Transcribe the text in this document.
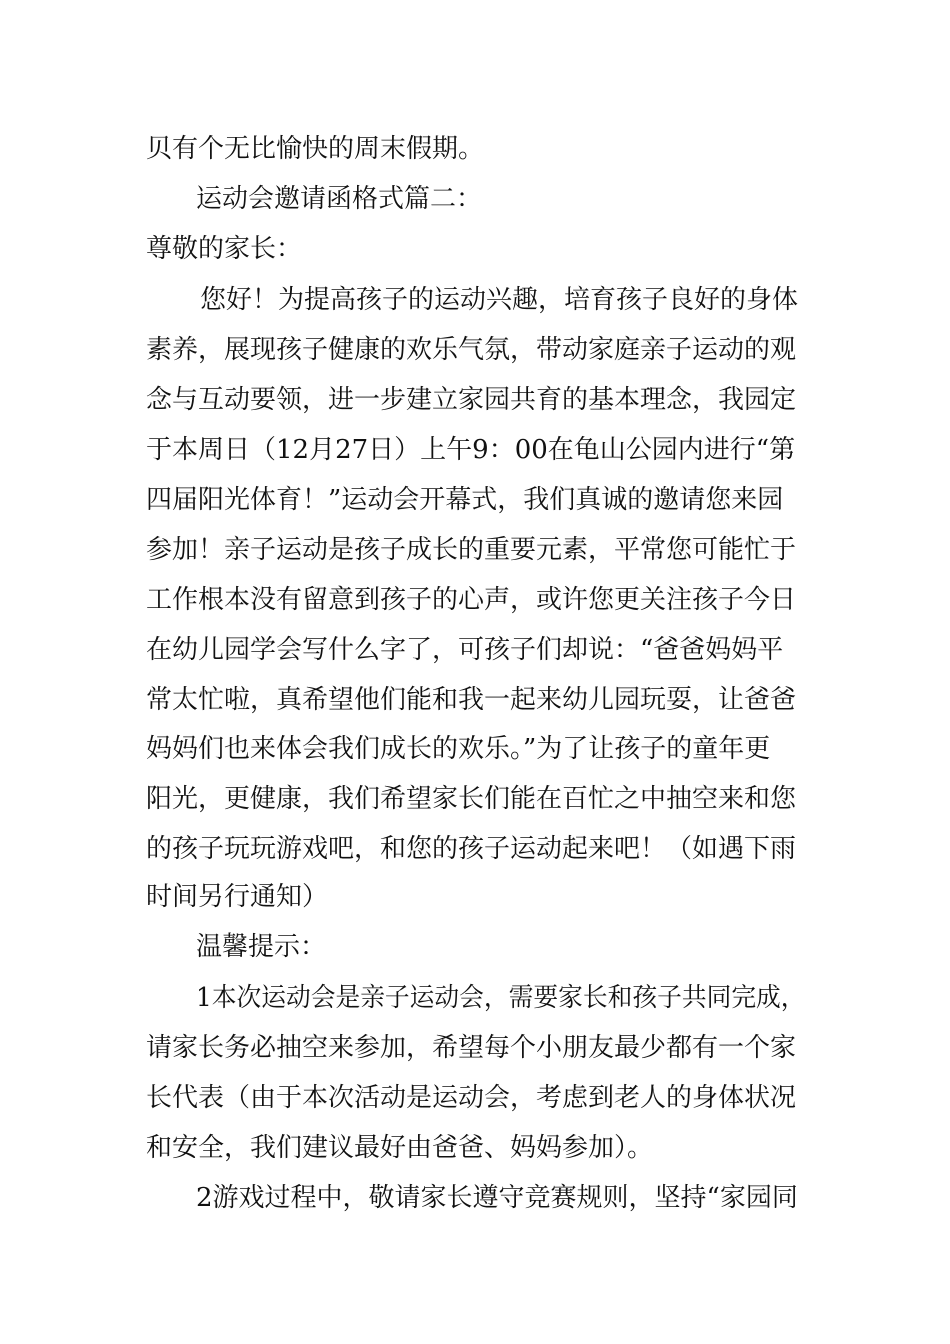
贝有个无比愉快的周末假期。
运动会邀请函格式篇二：
尊敬的家长：
您好！为提高孩子的运动兴趣，培育孩子良好的身体
素养，展现孩子健康的欢乐气氛，带动家庭亲子运动的观
念与互动要领，进一步建立家园共育的基本理念，我园定
于本周日（12月27日）上午9：00在龟山公园内进行“第
四届阳光体育！”运动会开幕式，我们真诚的邀请您来园
参加！亲子运动是孩子成长的重要元素，平常您可能忙于
工作根本没有留意到孩子的心声，或许您更关注孩子今日
在幼儿园学会写什么字了，可孩子们却说：“爸爸妈妈平
常太忙啦，真希望他们能和我一起来幼儿园玩耍，让爸爸
妈妈们也来体会我们成长的欢乐。”为了让孩子的童年更
阳光，更健康，我们希望家长们能在百忙之中抽空来和您
的孩子玩玩游戏吧，和您的孩子运动起来吧！（如遇下雨
时间另行通知）
温馨提示：
1本次运动会是亲子运动会，需要家长和孩子共同完成，
请家长务必抽空来参加，希望每个小朋友最少都有一个家
长代表（由于本次活动是运动会，考虑到老人的身体状况
和安全，我们建议最好由爸爸、妈妈参加）。
2游戏过程中，敬请家长遵守竞赛规则，坚持“家园同
